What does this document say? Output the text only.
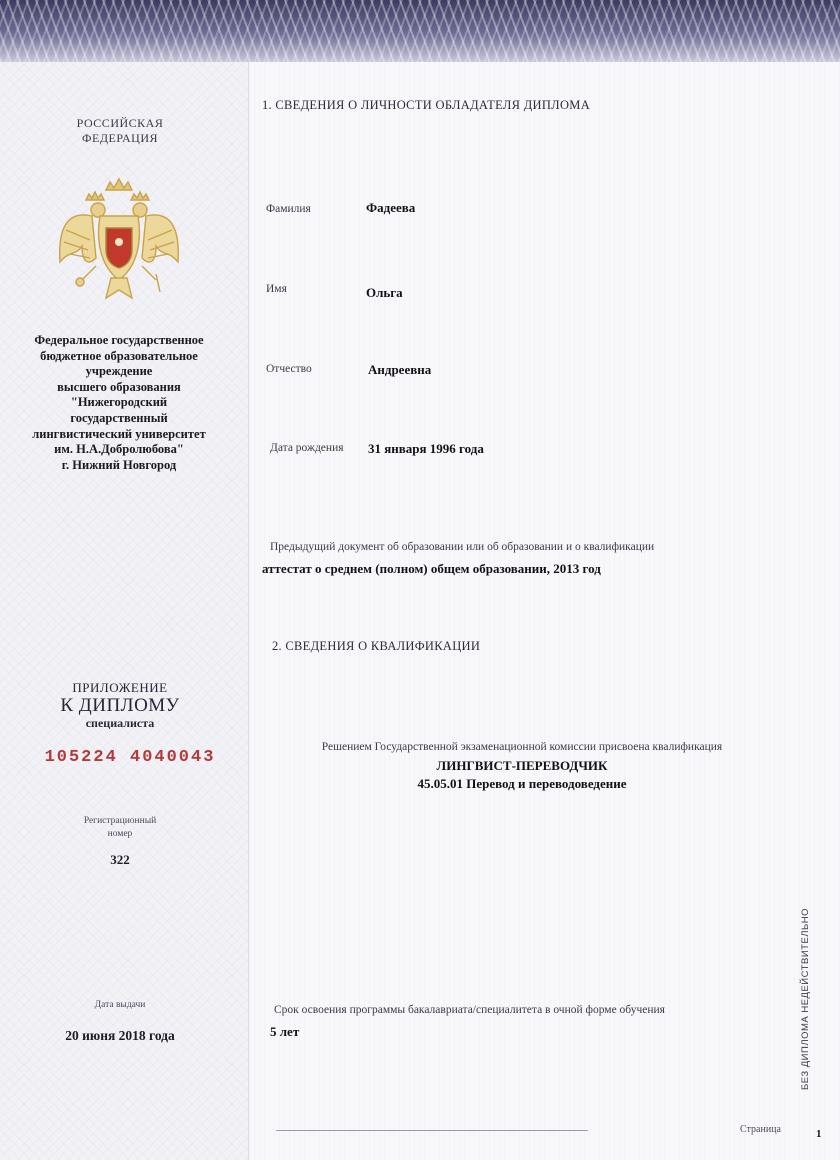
РОССИЙСКАЯ
ФЕДЕРАЦИЯ
Федеральное государственное
бюджетное образовательное
учреждение
высшего образования
"Нижегородский
государственный
лингвистический университет
им. Н.А.Добролюбова"
г. Нижний Новгород
ПРИЛОЖЕНИЕ
К ДИПЛОМУ
специалиста
105224 4040043
Регистрационный
номер
322
Дата выдачи
20 июня 2018 года
1. СВЕДЕНИЯ О ЛИЧНОСТИ ОБЛАДАТЕЛЯ ДИПЛОМА
Фамилия	Фадеева
Имя	Ольга
Отчество	Андреевна
Дата рождения 31 января 1996 года
Предыдущий документ об образовании или об образовании и о квалификации
аттестат о среднем (полном) общем образовании, 2013 год
2. СВЕДЕНИЯ О КВАЛИФИКАЦИИ
Решением Государственной экзаменационной комиссии присвоена квалификация
ЛИНГВИСТ-ПЕРЕВОДЧИК
45.05.01 Перевод и переводоведение
Срок освоения программы бакалавриата/специалитета в очной форме обучения
5 лет	БЕЗ ДИПЛОМА НЕДЕЙСТВИТЕЛЬНО
Страница	1
